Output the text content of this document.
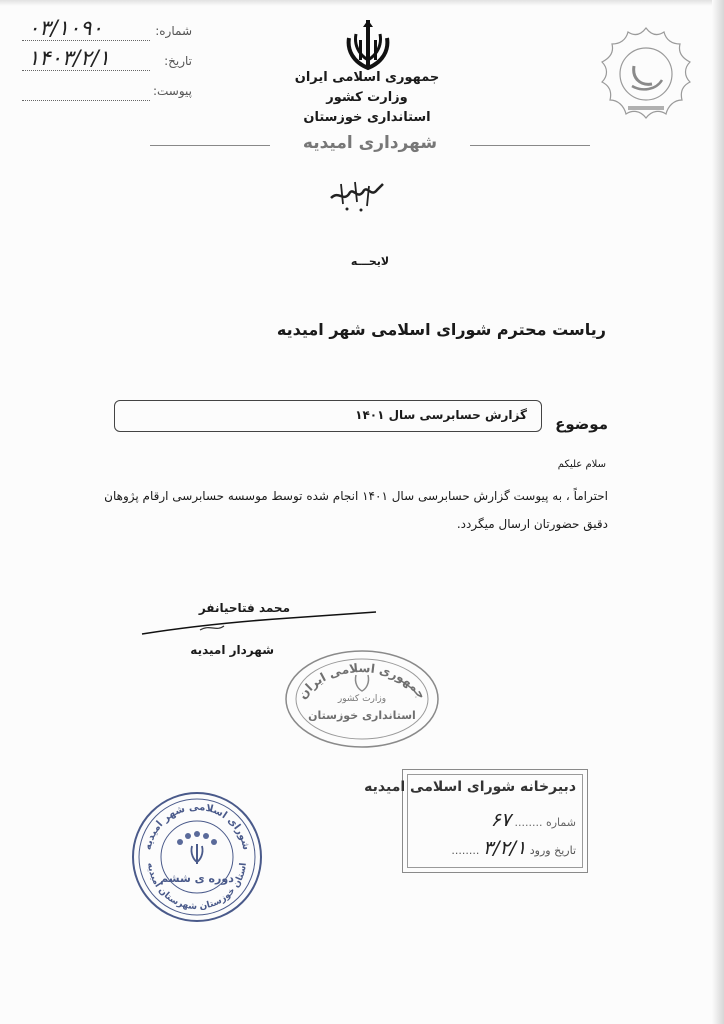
شماره:
۰۳/۱۰۹۰
تاریخ:
۱۴۰۳/۲/۱
پیوست:
جمهوری اسلامی ایران
وزارت کشور
استانداری خوزستان
شهرداری امیدیه
لایحـــه
ریاست محترم شورای اسلامی شهر امیدیه
موضوع
گزارش حسابرسی سال ۱۴۰۱
سلام علیکم
احتراماً ، به پیوست گزارش حسابرسی سال ۱۴۰۱ انجام شده توسط موسسه حسابرسی ارقام پژوهان دقیق حضورتان ارسال میگردد.
محمد فتاحیانفر
شهردار امیدیه
جمهوری اسلامی ایران
وزارت کشور
استانداری خوزستان
دبیرخانه شورای اسلامی امیدیه
شماره ........ ۶۷
تاریخ ورود ۳/۲/۱ ........
شورای اسلامی شهر امیدیه
استان خوزستان شهرستان امیدیه
دوره ی ششم
